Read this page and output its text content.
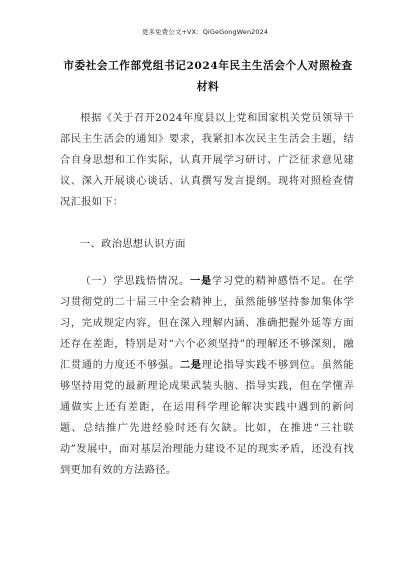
更多免费公文+VX：QiGeGongWen2024
市委社会工作部党组书记2024年民主生活会个人对照检查材料

根据《关于召开2024年度县以上党和国家机关党员领导干部民主生活会的通知》要求，我紧扣本次民主生活会主题，结合自身思想和工作实际，认真开展学习研讨、广泛征求意见建议、深入开展谈心谈话、认真撰写发言提纲。现将对照检查情况汇报如下：

一、政治思想认识方面

（一）学思践悟情况。一是学习党的精神感悟不足。在学习贯彻党的二十届三中全会精神上，虽然能够坚持参加集体学习，完成规定内容，但在深入理解内涵、准确把握外延等方面还存在差距，特别是对“六个必须坚持”的理解还不够深刻，融汇贯通的力度还不够强。二是理论指导实践不够到位。虽然能够坚持用党的最新理论成果武装头脑、指导实践，但在学懂弄通做实上还有差距，在运用科学理论解决实践中遇到的新问题、总结推广先进经验时还有欠缺。比如，在推进“三社联动”发展中，面对基层治理能力建设不足的现实矛盾，还没有找到更加有效的方法路径。
